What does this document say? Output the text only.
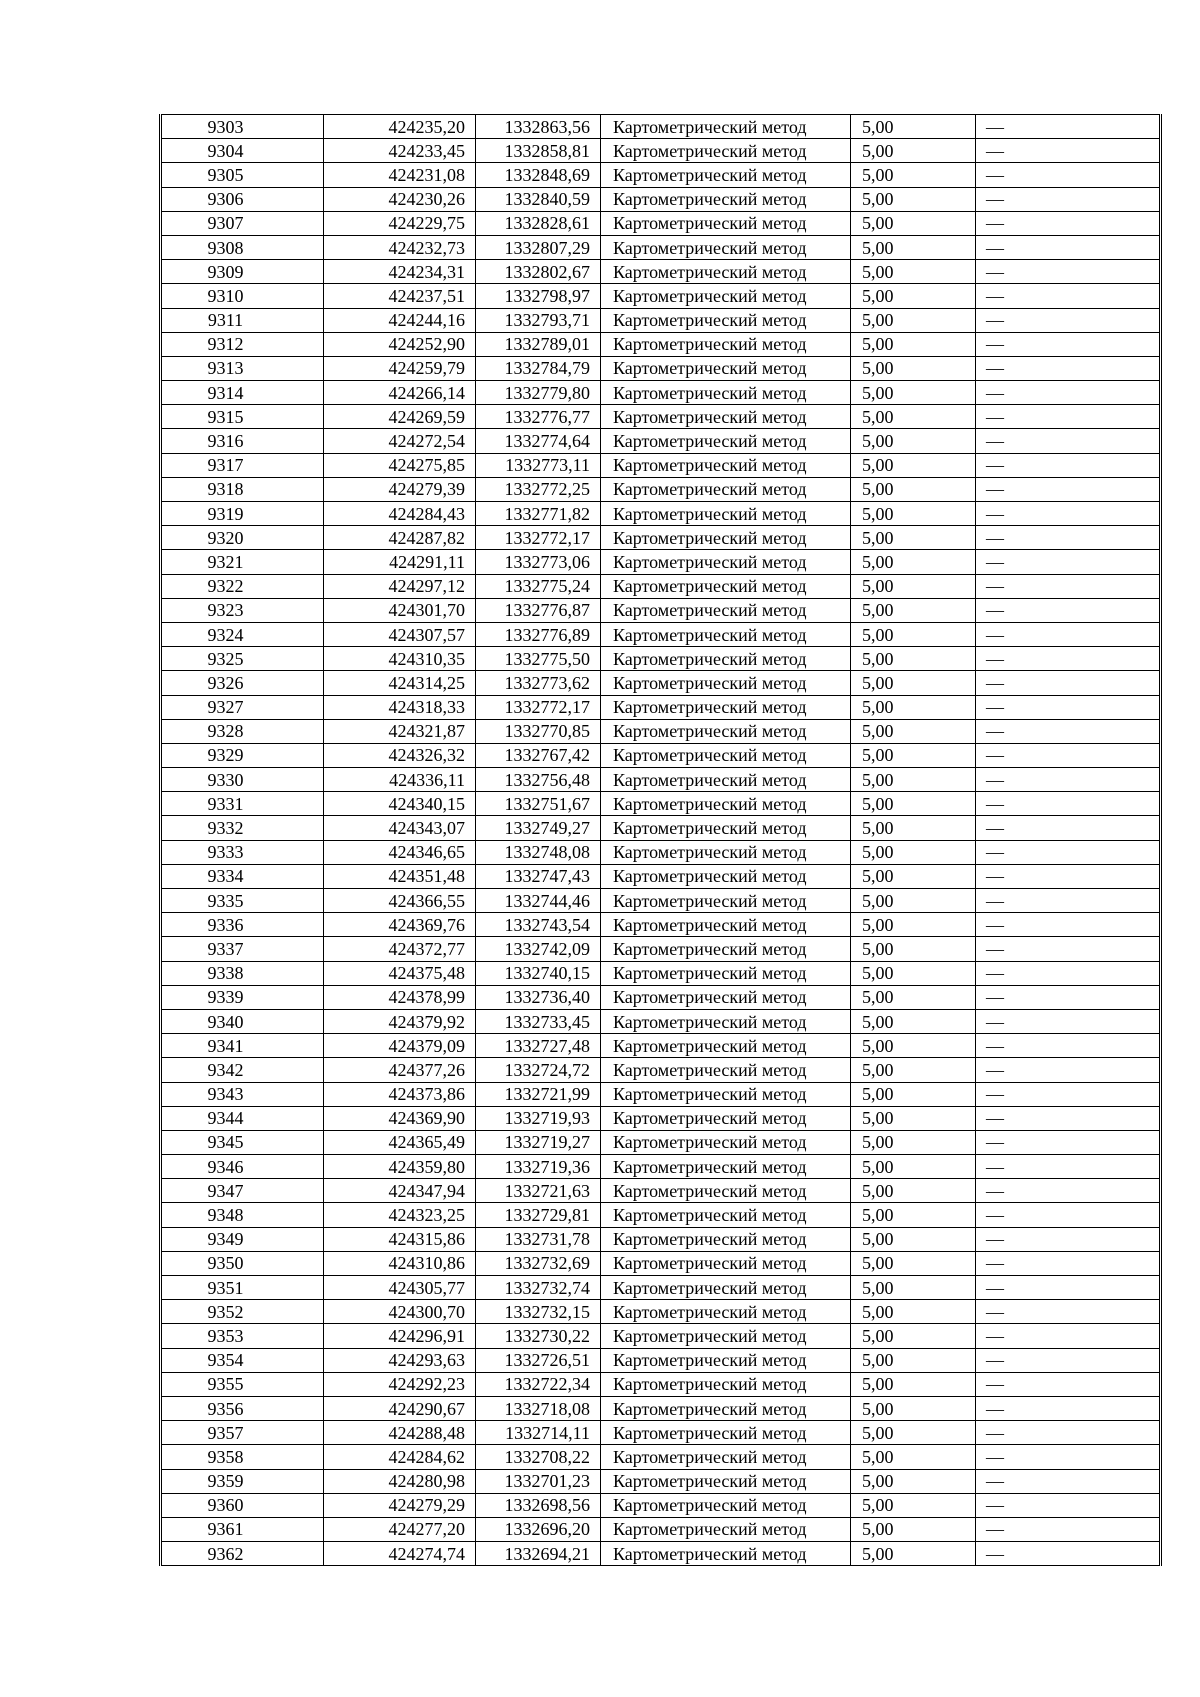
9303	424235,20	1332863,56	Картометрический метод	5,00	—
9304	424233,45	1332858,81	Картометрический метод	5,00	—
9305	424231,08	1332848,69	Картометрический метод	5,00	—
9306	424230,26	1332840,59	Картометрический метод	5,00	—
9307	424229,75	1332828,61	Картометрический метод	5,00	—
9308	424232,73	1332807,29	Картометрический метод	5,00	—
9309	424234,31	1332802,67	Картометрический метод	5,00	—
9310	424237,51	1332798,97	Картометрический метод	5,00	—
9311	424244,16	1332793,71	Картометрический метод	5,00	—
9312	424252,90	1332789,01	Картометрический метод	5,00	—
9313	424259,79	1332784,79	Картометрический метод	5,00	—
9314	424266,14	1332779,80	Картометрический метод	5,00	—
9315	424269,59	1332776,77	Картометрический метод	5,00	—
9316	424272,54	1332774,64	Картометрический метод	5,00	—
9317	424275,85	1332773,11	Картометрический метод	5,00	—
9318	424279,39	1332772,25	Картометрический метод	5,00	—
9319	424284,43	1332771,82	Картометрический метод	5,00	—
9320	424287,82	1332772,17	Картометрический метод	5,00	—
9321	424291,11	1332773,06	Картометрический метод	5,00	—
9322	424297,12	1332775,24	Картометрический метод	5,00	—
9323	424301,70	1332776,87	Картометрический метод	5,00	—
9324	424307,57	1332776,89	Картометрический метод	5,00	—
9325	424310,35	1332775,50	Картометрический метод	5,00	—
9326	424314,25	1332773,62	Картометрический метод	5,00	—
9327	424318,33	1332772,17	Картометрический метод	5,00	—
9328	424321,87	1332770,85	Картометрический метод	5,00	—
9329	424326,32	1332767,42	Картометрический метод	5,00	—
9330	424336,11	1332756,48	Картометрический метод	5,00	—
9331	424340,15	1332751,67	Картометрический метод	5,00	—
9332	424343,07	1332749,27	Картометрический метод	5,00	—
9333	424346,65	1332748,08	Картометрический метод	5,00	—
9334	424351,48	1332747,43	Картометрический метод	5,00	—
9335	424366,55	1332744,46	Картометрический метод	5,00	—
9336	424369,76	1332743,54	Картометрический метод	5,00	—
9337	424372,77	1332742,09	Картометрический метод	5,00	—
9338	424375,48	1332740,15	Картометрический метод	5,00	—
9339	424378,99	1332736,40	Картометрический метод	5,00	—
9340	424379,92	1332733,45	Картометрический метод	5,00	—
9341	424379,09	1332727,48	Картометрический метод	5,00	—
9342	424377,26	1332724,72	Картометрический метод	5,00	—
9343	424373,86	1332721,99	Картометрический метод	5,00	—
9344	424369,90	1332719,93	Картометрический метод	5,00	—
9345	424365,49	1332719,27	Картометрический метод	5,00	—
9346	424359,80	1332719,36	Картометрический метод	5,00	—
9347	424347,94	1332721,63	Картометрический метод	5,00	—
9348	424323,25	1332729,81	Картометрический метод	5,00	—
9349	424315,86	1332731,78	Картометрический метод	5,00	—
9350	424310,86	1332732,69	Картометрический метод	5,00	—
9351	424305,77	1332732,74	Картометрический метод	5,00	—
9352	424300,70	1332732,15	Картометрический метод	5,00	—
9353	424296,91	1332730,22	Картометрический метод	5,00	—
9354	424293,63	1332726,51	Картометрический метод	5,00	—
9355	424292,23	1332722,34	Картометрический метод	5,00	—
9356	424290,67	1332718,08	Картометрический метод	5,00	—
9357	424288,48	1332714,11	Картометрический метод	5,00	—
9358	424284,62	1332708,22	Картометрический метод	5,00	—
9359	424280,98	1332701,23	Картометрический метод	5,00	—
9360	424279,29	1332698,56	Картометрический метод	5,00	—
9361	424277,20	1332696,20	Картометрический метод	5,00	—
9362	424274,74	1332694,21	Картометрический метод	5,00	—
